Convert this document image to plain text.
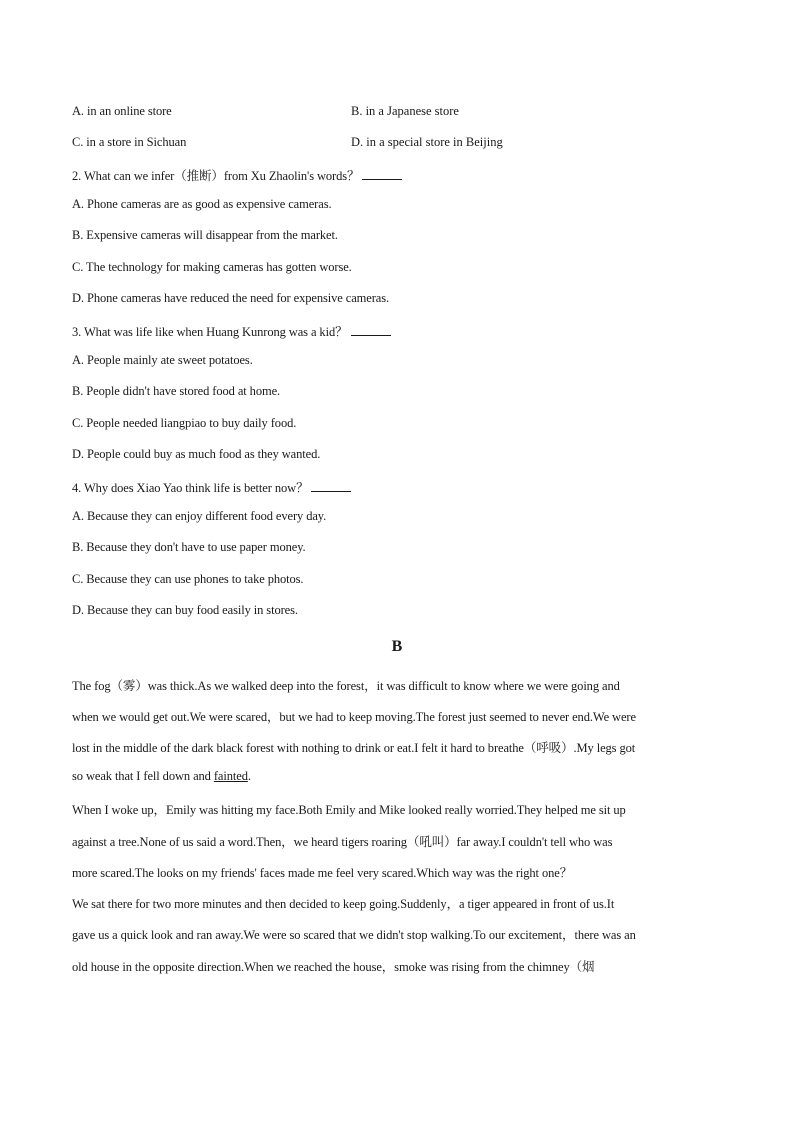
A. in an online store	B. in a Japanese store
C. in a store in Sichuan	D. in a special store in Beijing
2. What can we infer（推断）from Xu Zhaolin's words？
A. Phone cameras are as good as expensive cameras.
B. Expensive cameras will disappear from the market.
C. The technology for making cameras has gotten worse.
D. Phone cameras have reduced the need for expensive cameras.
3. What was life like when Huang Kunrong was a kid？
A. People mainly ate sweet potatoes.
B. People didn't have stored food at home.
C. People needed liangpiao to buy daily food.
D. People could buy as much food as they wanted.
4. Why does Xiao Yao think life is better now？
A. Because they can enjoy different food every day.
B. Because they don't have to use paper money.
C. Because they can use phones to take photos.
D. Because they can buy food easily in stores.
B
The fog（雾）was thick.As we walked deep into the forest，it was difficult to know where we were going and
when we would get out.We were scared，but we had to keep moving.The forest just seemed to never end.We were
lost in the middle of the dark black forest with nothing to drink or eat.I felt it hard to breathe（呼吸）.My legs got
so weak that I fell down and fainted.
When I woke up，Emily was hitting my face.Both Emily and Mike looked really worried.They helped me sit up
against a tree.None of us said a word.Then，we heard tigers roaring（吼叫）far away.I couldn't tell who was
more scared.The looks on my friends' faces made me feel very scared.Which way was the right one？
We sat there for two more minutes and then decided to keep going.Suddenly，a tiger appeared in front of us.It
gave us a quick look and ran away.We were so scared that we didn't stop walking.To our excitement，there was an
old house in the opposite direction.When we reached the house，smoke was rising from the chimney（烟
